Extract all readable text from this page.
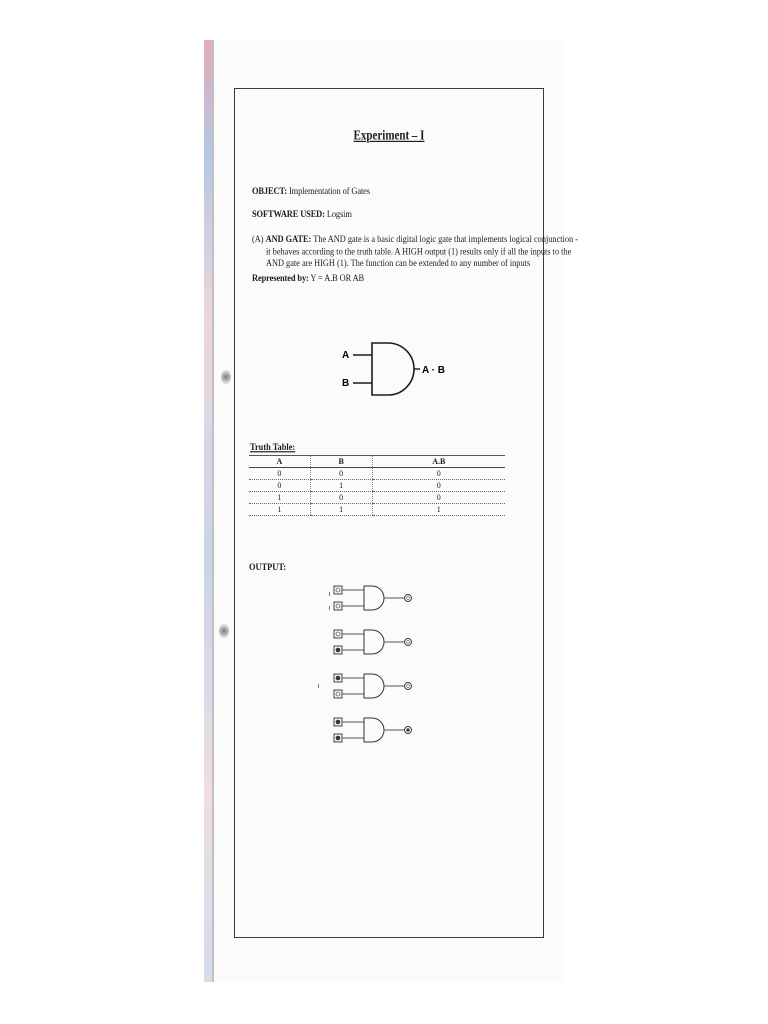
Experiment – I
OBJECT: Implementation of Gates
SOFTWARE USED: Logsim
(A) AND GATE: The AND gate is a basic digital logic gate that implements logical conjunction -
it behaves according to the truth table. A HIGH output (1) results only if all the inputs to the
AND gate are HIGH (1). The function can be extended to any number of inputs
Represented by: Y = A.B OR AB
A
B
A · B
Truth Table:
A	B	A.B
0	0	0
0	1	0
1	0	0
1	1	1
OUTPUT:
